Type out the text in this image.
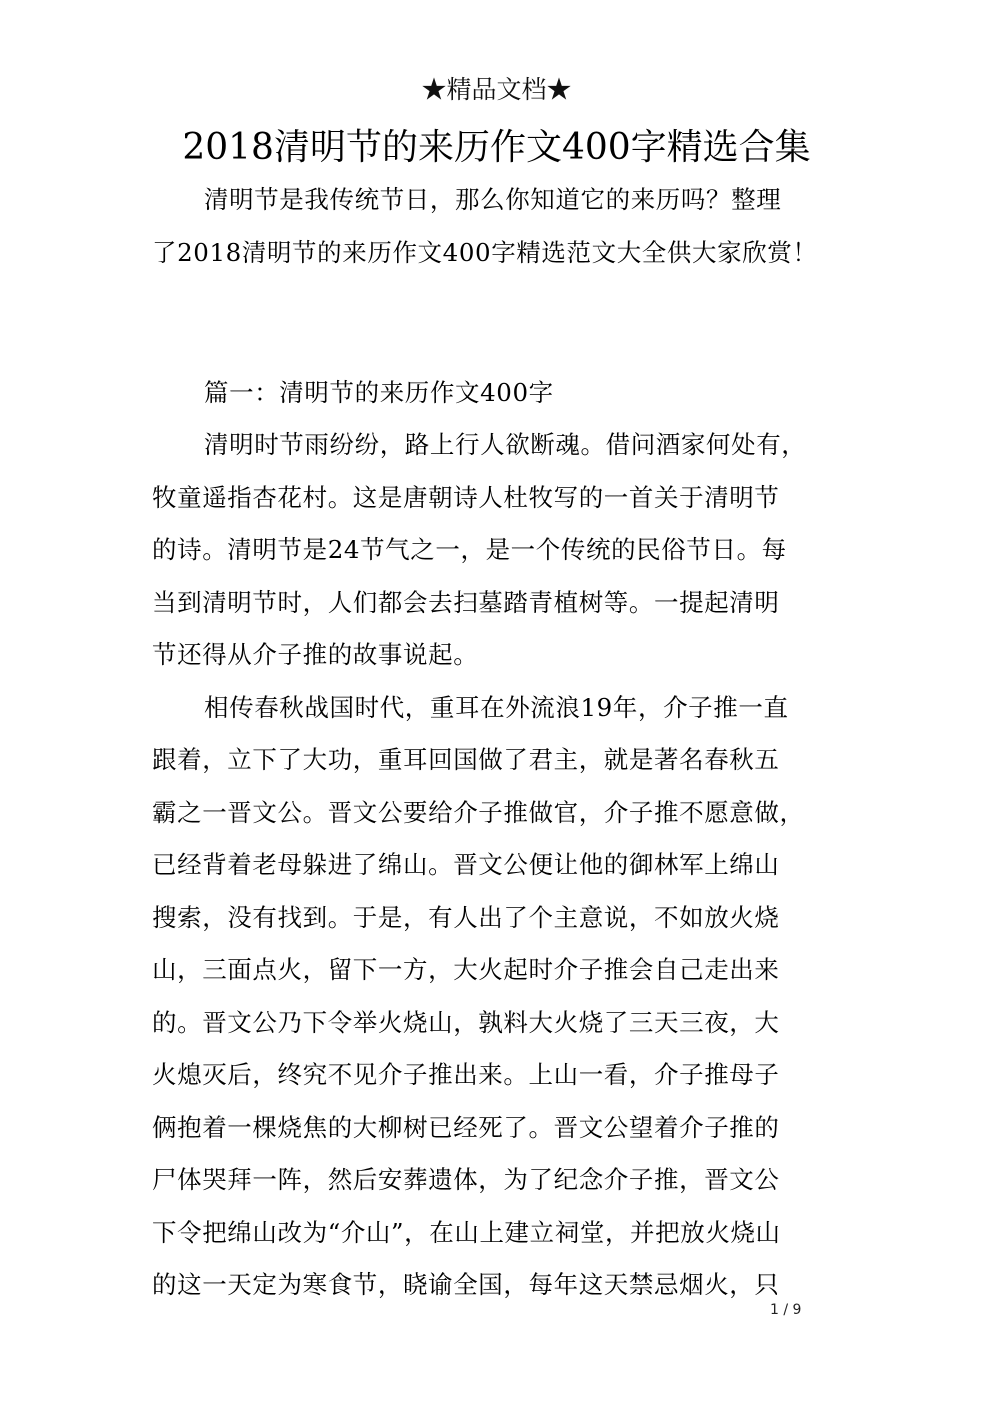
★精品文档★
2018清明节的来历作文400字精选合集
清明节是我传统节日，那么你知道它的来历吗？整理
了2018清明节的来历作文400字精选范文大全供大家欣赏！
篇一：清明节的来历作文400字
清明时节雨纷纷，路上行人欲断魂。借问酒家何处有，
牧童遥指杏花村。这是唐朝诗人杜牧写的一首关于清明节
的诗。清明节是24节气之一，是一个传统的民俗节日。每
当到清明节时，人们都会去扫墓踏青植树等。一提起清明
节还得从介子推的故事说起。
相传春秋战国时代，重耳在外流浪19年，介子推一直
跟着，立下了大功，重耳回国做了君主，就是著名春秋五
霸之一晋文公。晋文公要给介子推做官，介子推不愿意做，
已经背着老母躲进了绵山。晋文公便让他的御林军上绵山
搜索，没有找到。于是，有人出了个主意说，不如放火烧
山，三面点火，留下一方，大火起时介子推会自己走出来
的。晋文公乃下令举火烧山，孰料大火烧了三天三夜，大
火熄灭后，终究不见介子推出来。上山一看，介子推母子
俩抱着一棵烧焦的大柳树已经死了。晋文公望着介子推的
尸体哭拜一阵，然后安葬遗体，为了纪念介子推，晋文公
下令把绵山改为“介山”，在山上建立祠堂，并把放火烧山
的这一天定为寒食节，晓谕全国，每年这天禁忌烟火，只
1 / 9
